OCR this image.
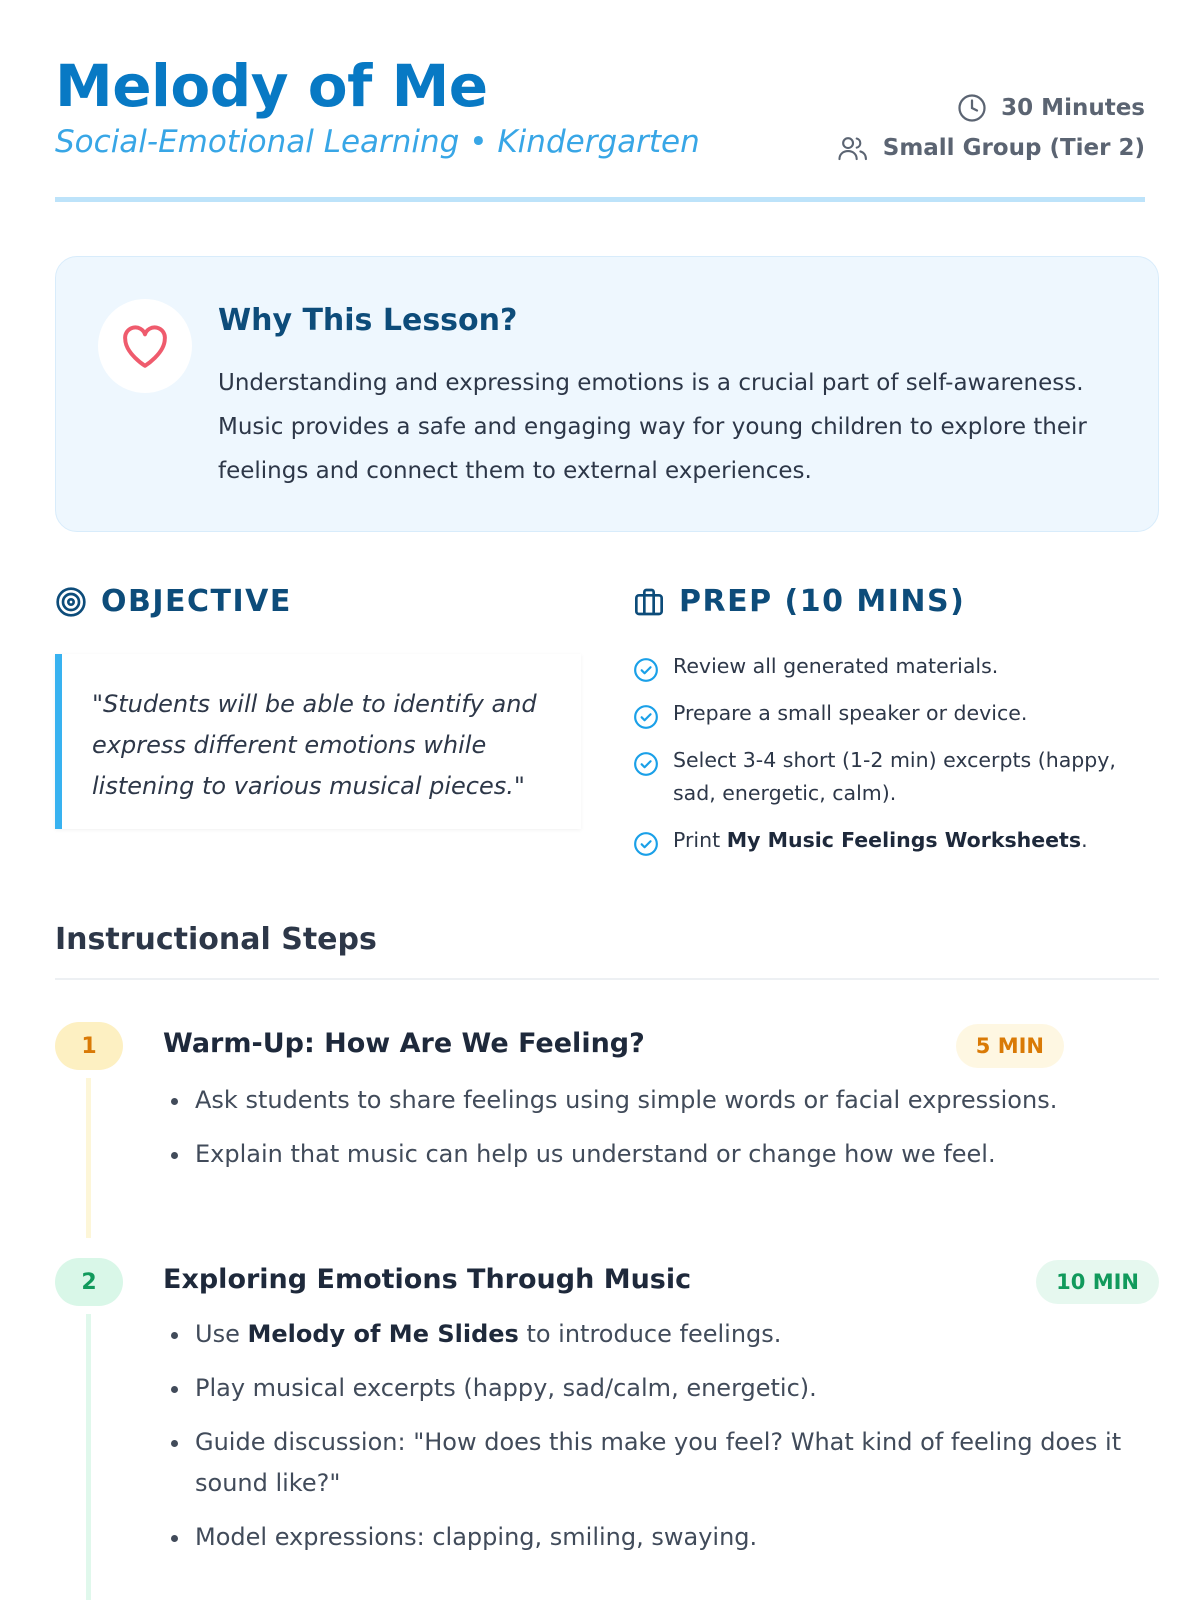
Melody of Me
Social-Emotional Learning • Kindergarten
30 Minutes
Small Group (Tier 2)
Why This Lesson?
Understanding and expressing emotions is a crucial part of self-awareness. Music provides a safe and engaging way for young children to explore their feelings and connect them to external experiences.
OBJECTIVE
"Students will be able to identify and express different emotions while listening to various musical pieces."
PREP (10 MINS)
Review all generated materials.
Prepare a small speaker or device.
Select 3-4 short (1-2 min) excerpts (happy, sad, energetic, calm).
Print My Music Feelings Worksheets.
Instructional Steps
1	Warm-Up: How Are We Feeling?	5 MIN
Ask students to share feelings using simple words or facial expressions.
Explain that music can help us understand or change how we feel.
2	Exploring Emotions Through Music	10 MIN
Use Melody of Me Slides to introduce feelings.
Play musical excerpts (happy, sad/calm, energetic).
Guide discussion: "How does this make you feel? What kind of feeling does it sound like?"
Model expressions: clapping, smiling, swaying.
